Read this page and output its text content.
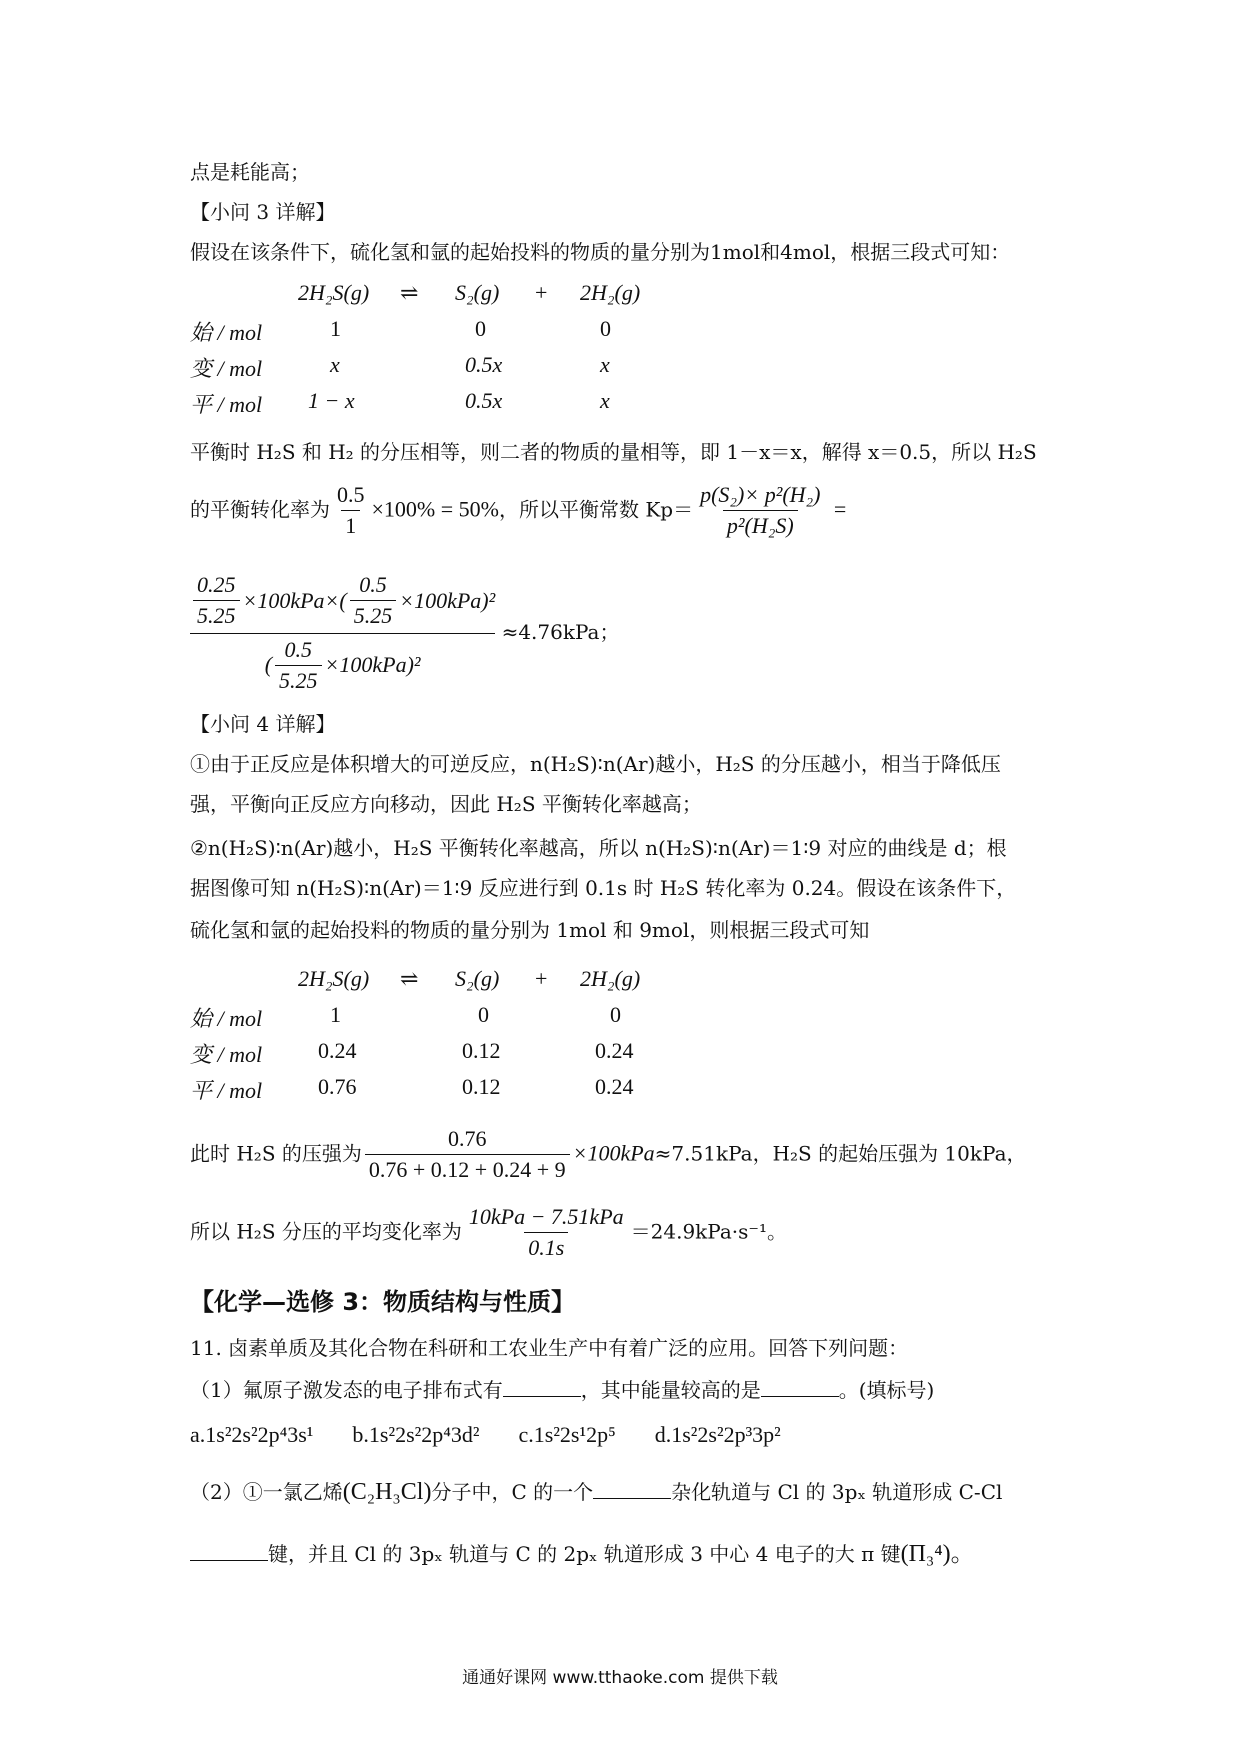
点是耗能高；
【小问 3 详解】
假设在该条件下，硫化氢和氩的起始投料的物质的量分别为1mol和4mol，根据三段式可知：
2H₂S(g) ⇌ S₂(g) + 2H₂(g)
始 / mol	1	0	0
变 / mol	x	0.5x	x
平 / mol 1 − x	0.5x	x
平衡时 H₂S 和 H₂ 的分压相等，则二者的物质的量相等，即 1－x＝x，解得 x＝0.5，所以 H₂S
的平衡转化率为 $\frac{0.5}{1} \times 100\% = 50\%$，所以平衡常数 $Kp= \frac{\text{p(S₂)× p²(H₂)}}{\text{p²(H₂S)}}$ =
$\frac{0.25}{5.25} \times 100kPa\times( \frac{0.5}{5.25} \times 100kPa)^2$
( $\frac{0.5}{5.25} \times 100kPa)^2$
≈4.76kPa；
【小问 4 详解】
①由于正反应是体积增大的可逆反应，n(H₂S)∶n(Ar)越小，H₂S 的分压越小，相当于降低压
强，平衡向正反应方向移动，因此 H₂S 平衡转化率越高；
②n(H₂S)∶n(Ar)越小，H₂S 平衡转化率越高，所以 n(H₂S)∶n(Ar)＝1∶9 对应的曲线是 d；根
据图像可知 n(H₂S)∶n(Ar)＝1∶9 反应进行到 0.1s 时 H₂S 转化率为 0.24。假设在该条件下，
硫化氢和氩的起始投料的物质的量分别为 1mol 和 9mol，则根据三段式可知
2H₂S(g) ⇌ S₂(g) + 2H₂(g)
始 / mol	1	0	0
变 / mol	0.24	0.12	0.24
平 / mol	0.76	0.12	0.24
此时 H₂S 的压强为 $\frac{0.76}{0.76 + 0.12 + 0.24 + 9} \times 100kPa\approx 7.51kPa$，H₂S 的起始压强为 10kPa，
所以 H₂S 分压的平均变化率为 $\frac{\text{10kPa − 7.51kPa}}{0.1s} =24.9kPa\cdot s^{-1}$。
【化学—选修 3：物质结构与性质】
11. 卤素单质及其化合物在科研和工农业生产中有着广泛的应用。回答下列问题：
（1）氟原子激发态的电子排布式有	，其中能量较高的是	。(填标号)
a.1s²2s²2p⁴3s¹ b.1s²2s²2p⁴3d² c.1s²2s¹2p⁵ d.1s²2s²2p³3p²
（2）①一氯乙烯(C₂H₃Cl)分子中，C 的一个	杂化轨道与 Cl 的 3pₓ 轨道形成 C-Cl
键，并且 Cl 的 3pₓ 轨道与 C 的 2pₓ 轨道形成 3 中心 4 电子的大 π 键(Π₃⁴)。
通通好课网 www.tthaoke.com 提供下载
